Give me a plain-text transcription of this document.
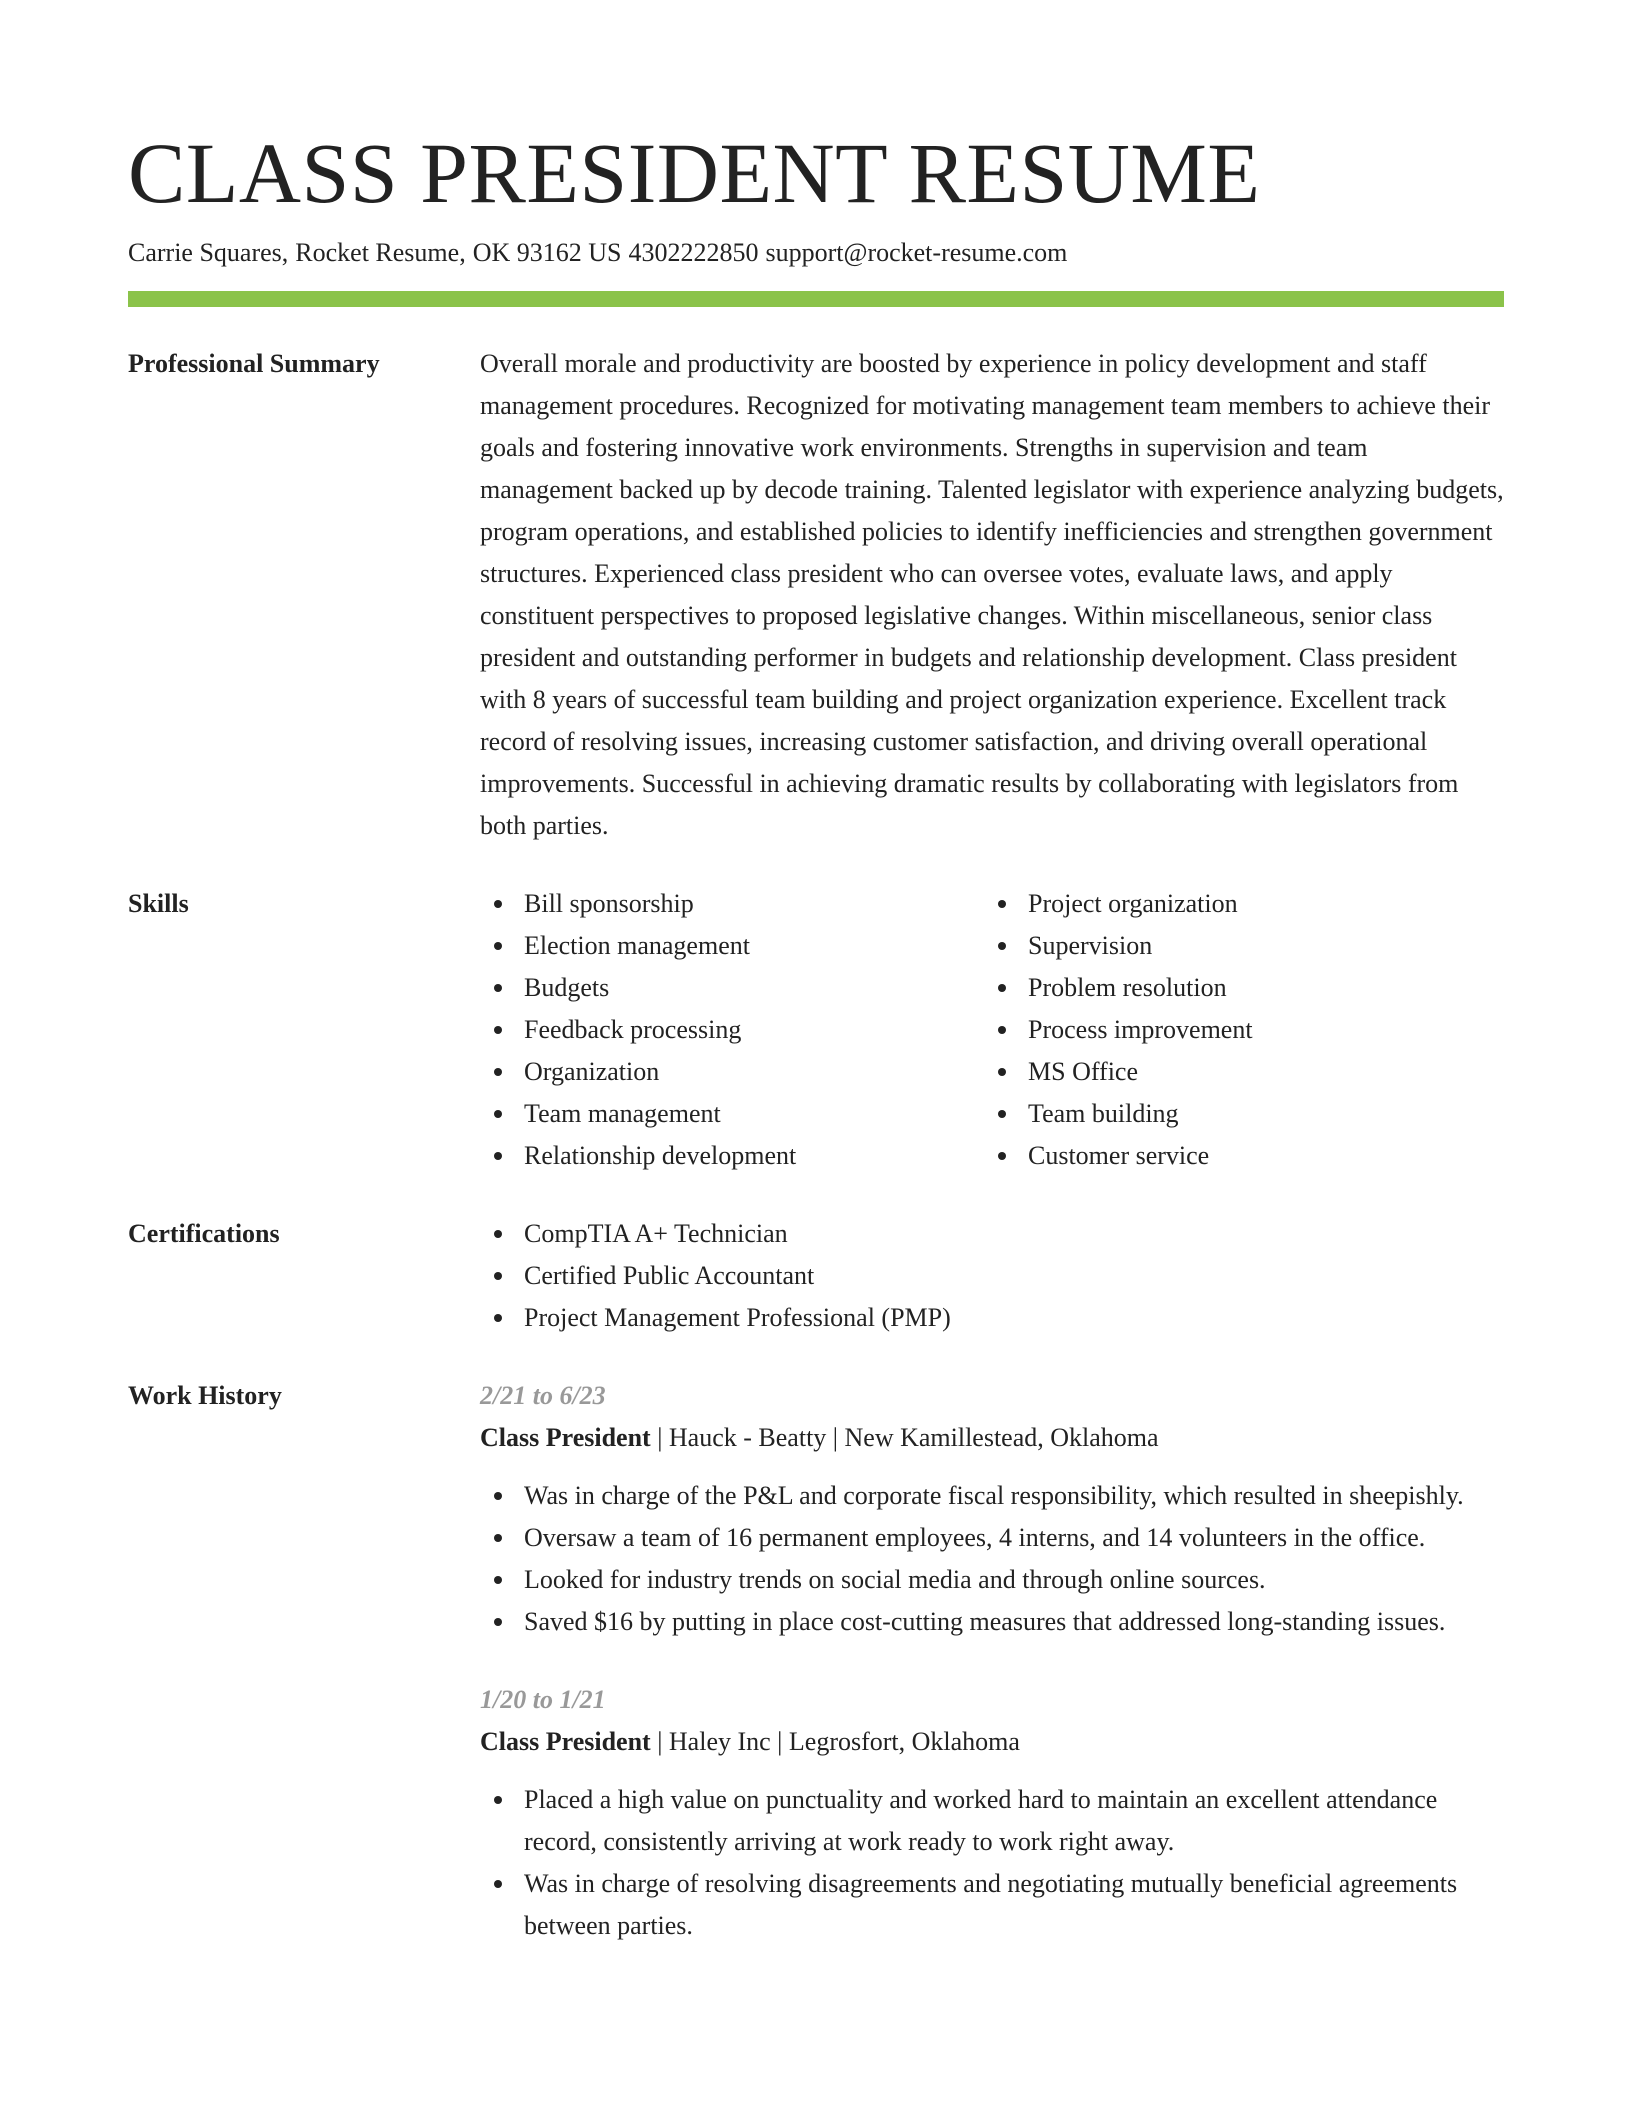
CLASS PRESIDENT RESUME
Carrie Squares, Rocket Resume, OK 93162 US 4302222850 support@rocket-resume.com
Professional Summary	Overall morale and productivity are boosted by experience in policy development and staff management procedures. Recognized for motivating management team members to achieve their goals and fostering innovative work environments. Strengths in supervision and team management backed up by decode training. Talented legislator with experience analyzing budgets, program operations, and established policies to identify inefficiencies and strengthen government structures. Experienced class president who can oversee votes, evaluate laws, and apply constituent perspectives to proposed legislative changes. Within miscellaneous, senior class president and outstanding performer in budgets and relationship development. Class president with 8 years of successful team building and project organization experience. Excellent track record of resolving issues, increasing customer satisfaction, and driving overall operational improvements. Successful in achieving dramatic results by collaborating with legislators from both parties.

Skills	Bill sponsorship
Election management
Budgets
Feedback processing
Organization
Team management
Relationship development
Project organization
Supervision
Problem resolution
Process improvement
MS Office
Team building
Customer service
Certifications	CompTIA A+ Technician
Certified Public Accountant
Project Management Professional (PMP)
Work History	2/21 to 6/23
Class President | Hauck - Beatty | New Kamillestead, Oklahoma
Was in charge of the P&L and corporate fiscal responsibility, which resulted in sheepishly.
Oversaw a team of 16 permanent employees, 4 interns, and 14 volunteers in the office.
Looked for industry trends on social media and through online sources.
Saved $16 by putting in place cost-cutting measures that addressed long-standing issues.
1/20 to 1/21
Class President | Haley Inc | Legrosfort, Oklahoma
Placed a high value on punctuality and worked hard to maintain an excellent attendance record, consistently arriving at work ready to work right away.
Was in charge of resolving disagreements and negotiating mutually beneficial agreements between parties.
